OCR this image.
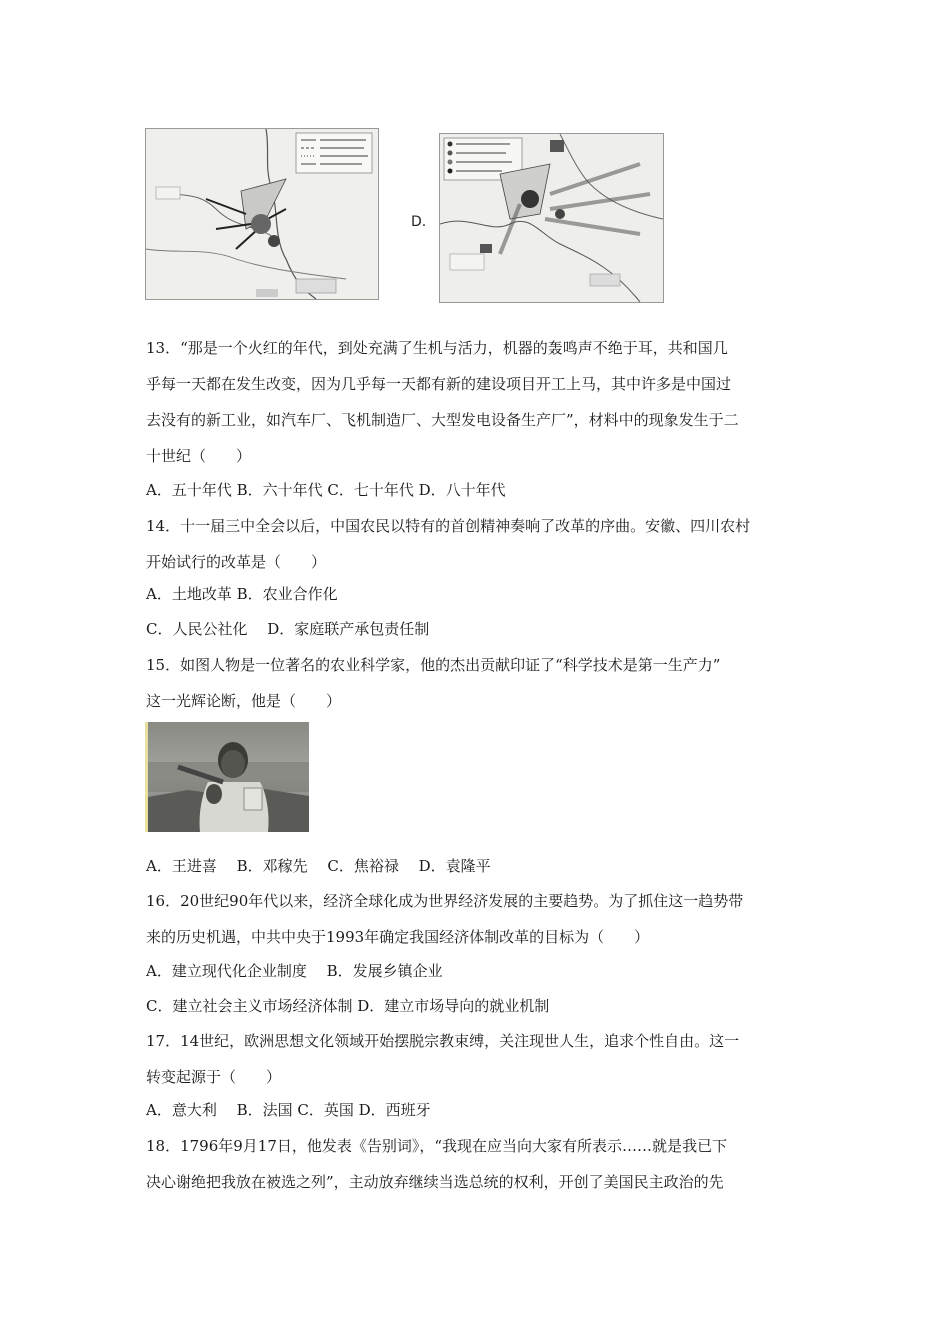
D.
13．“那是一个火红的年代，到处充满了生机与活力，机器的轰鸣声不绝于耳，共和国几
乎每一天都在发生改变，因为几乎每一天都有新的建设项目开工上马，其中许多是中国过
去没有的新工业，如汽车厂、飞机制造厂、大型发电设备生产厂”，材料中的现象发生于二
十世纪（　　）
A．五十年代 B．六十年代 C．七十年代 D．八十年代
14．十一届三中全会以后，中国农民以特有的首创精神奏响了改革的序曲。安徽、四川农村
开始试行的改革是（　　）
A．土地改革 B．农业合作化
C．人民公社化　 D．家庭联产承包责任制
15．如图人物是一位著名的农业科学家，他的杰出贡献印证了“科学技术是第一生产力”
这一光辉论断，他是（　　）
A．王进喜　 B．邓稼先　 C．焦裕禄　 D．袁隆平
16．20世纪90年代以来，经济全球化成为世界经济发展的主要趋势。为了抓住这一趋势带
来的历史机遇，中共中央于1993年确定我国经济体制改革的目标为（　　）
A．建立现代化企业制度　 B．发展乡镇企业
C．建立社会主义市场经济体制 D．建立市场导向的就业机制
17．14世纪，欧洲思想文化领域开始摆脱宗教束缚，关注现世人生，追求个性自由。这一
转变起源于（　　）
A．意大利　 B．法国 C．英国 D．西班牙
18．1796年9月17日，他发表《告别词》，“我现在应当向大家有所表示……就是我已下
决心谢绝把我放在被选之列”，主动放弃继续当选总统的权利，开创了美国民主政治的先
